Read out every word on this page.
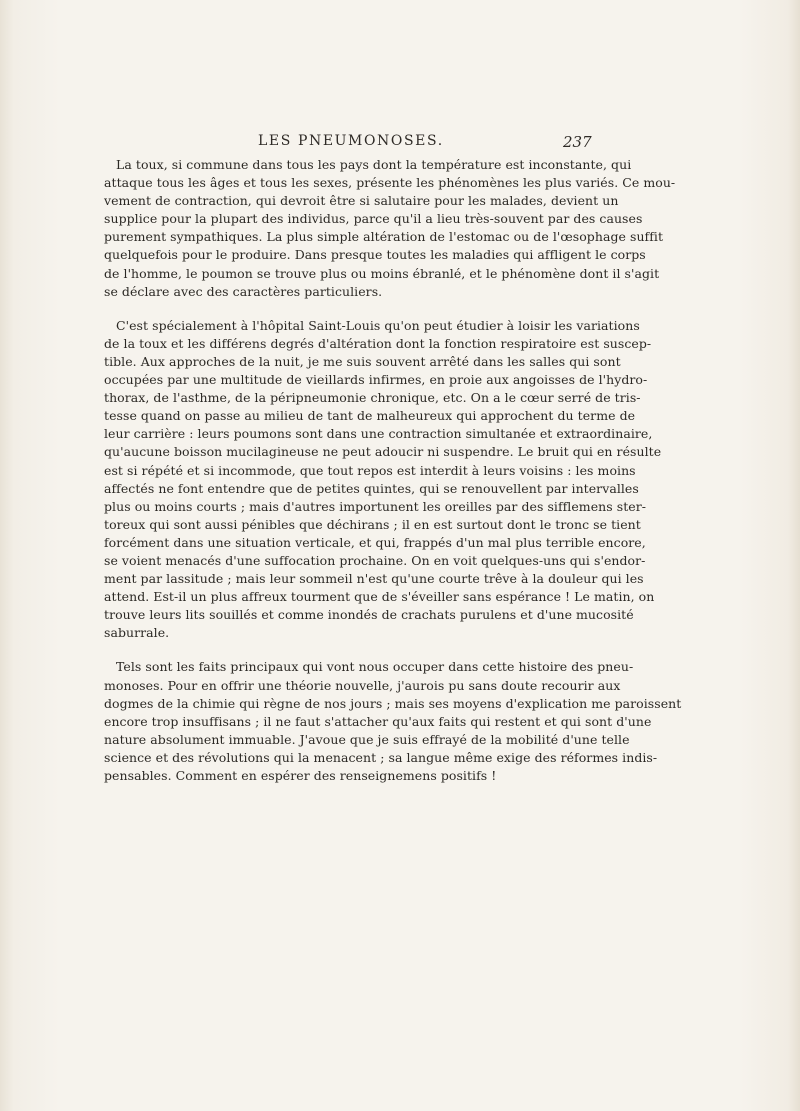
LES PNEUMONOSES.	237
La toux, si commune dans tous les pays dont la température est inconstante, qui
attaque tous les âges et tous les sexes, présente les phénomènes les plus variés. Ce mou-
vement de contraction, qui devroit être si salutaire pour les malades, devient un
supplice pour la plupart des individus, parce qu'il a lieu très-souvent par des causes
purement sympathiques. La plus simple altération de l'estomac ou de l'œsophage suffit
quelquefois pour le produire. Dans presque toutes les maladies qui affligent le corps
de l'homme, le poumon se trouve plus ou moins ébranlé, et le phénomène dont il s'agit
se déclare avec des caractères particuliers.
C'est spécialement à l'hôpital Saint-Louis qu'on peut étudier à loisir les variations
de la toux et les différens degrés d'altération dont la fonction respiratoire est suscep-
tible. Aux approches de la nuit, je me suis souvent arrêté dans les salles qui sont
occupées par une multitude de vieillards infirmes, en proie aux angoisses de l'hydro-
thorax, de l'asthme, de la péripneumonie chronique, etc. On a le cœur serré de tris-
tesse quand on passe au milieu de tant de malheureux qui approchent du terme de
leur carrière : leurs poumons sont dans une contraction simultanée et extraordinaire,
qu'aucune boisson mucilagineuse ne peut adoucir ni suspendre. Le bruit qui en résulte
est si répété et si incommode, que tout repos est interdit à leurs voisins : les moins
affectés ne font entendre que de petites quintes, qui se renouvellent par intervalles
plus ou moins courts ; mais d'autres importunent les oreilles par des sifflemens ster-
toreux qui sont aussi pénibles que déchirans ; il en est surtout dont le tronc se tient
forcément dans une situation verticale, et qui, frappés d'un mal plus terrible encore,
se voient menacés d'une suffocation prochaine. On en voit quelques-uns qui s'endor-
ment par lassitude ; mais leur sommeil n'est qu'une courte trêve à la douleur qui les
attend. Est-il un plus affreux tourment que de s'éveiller sans espérance ! Le matin, on
trouve leurs lits souillés et comme inondés de crachats purulens et d'une mucosité
saburrale.
Tels sont les faits principaux qui vont nous occuper dans cette histoire des pneu-
monoses. Pour en offrir une théorie nouvelle, j'aurois pu sans doute recourir aux
dogmes de la chimie qui règne de nos jours ; mais ses moyens d'explication me paroissent
encore trop insuffisans ; il ne faut s'attacher qu'aux faits qui restent et qui sont d'une
nature absolument immuable. J'avoue que je suis effrayé de la mobilité d'une telle
science et des révolutions qui la menacent ; sa langue même exige des réformes indis-
pensables. Comment en espérer des renseignemens positifs !
